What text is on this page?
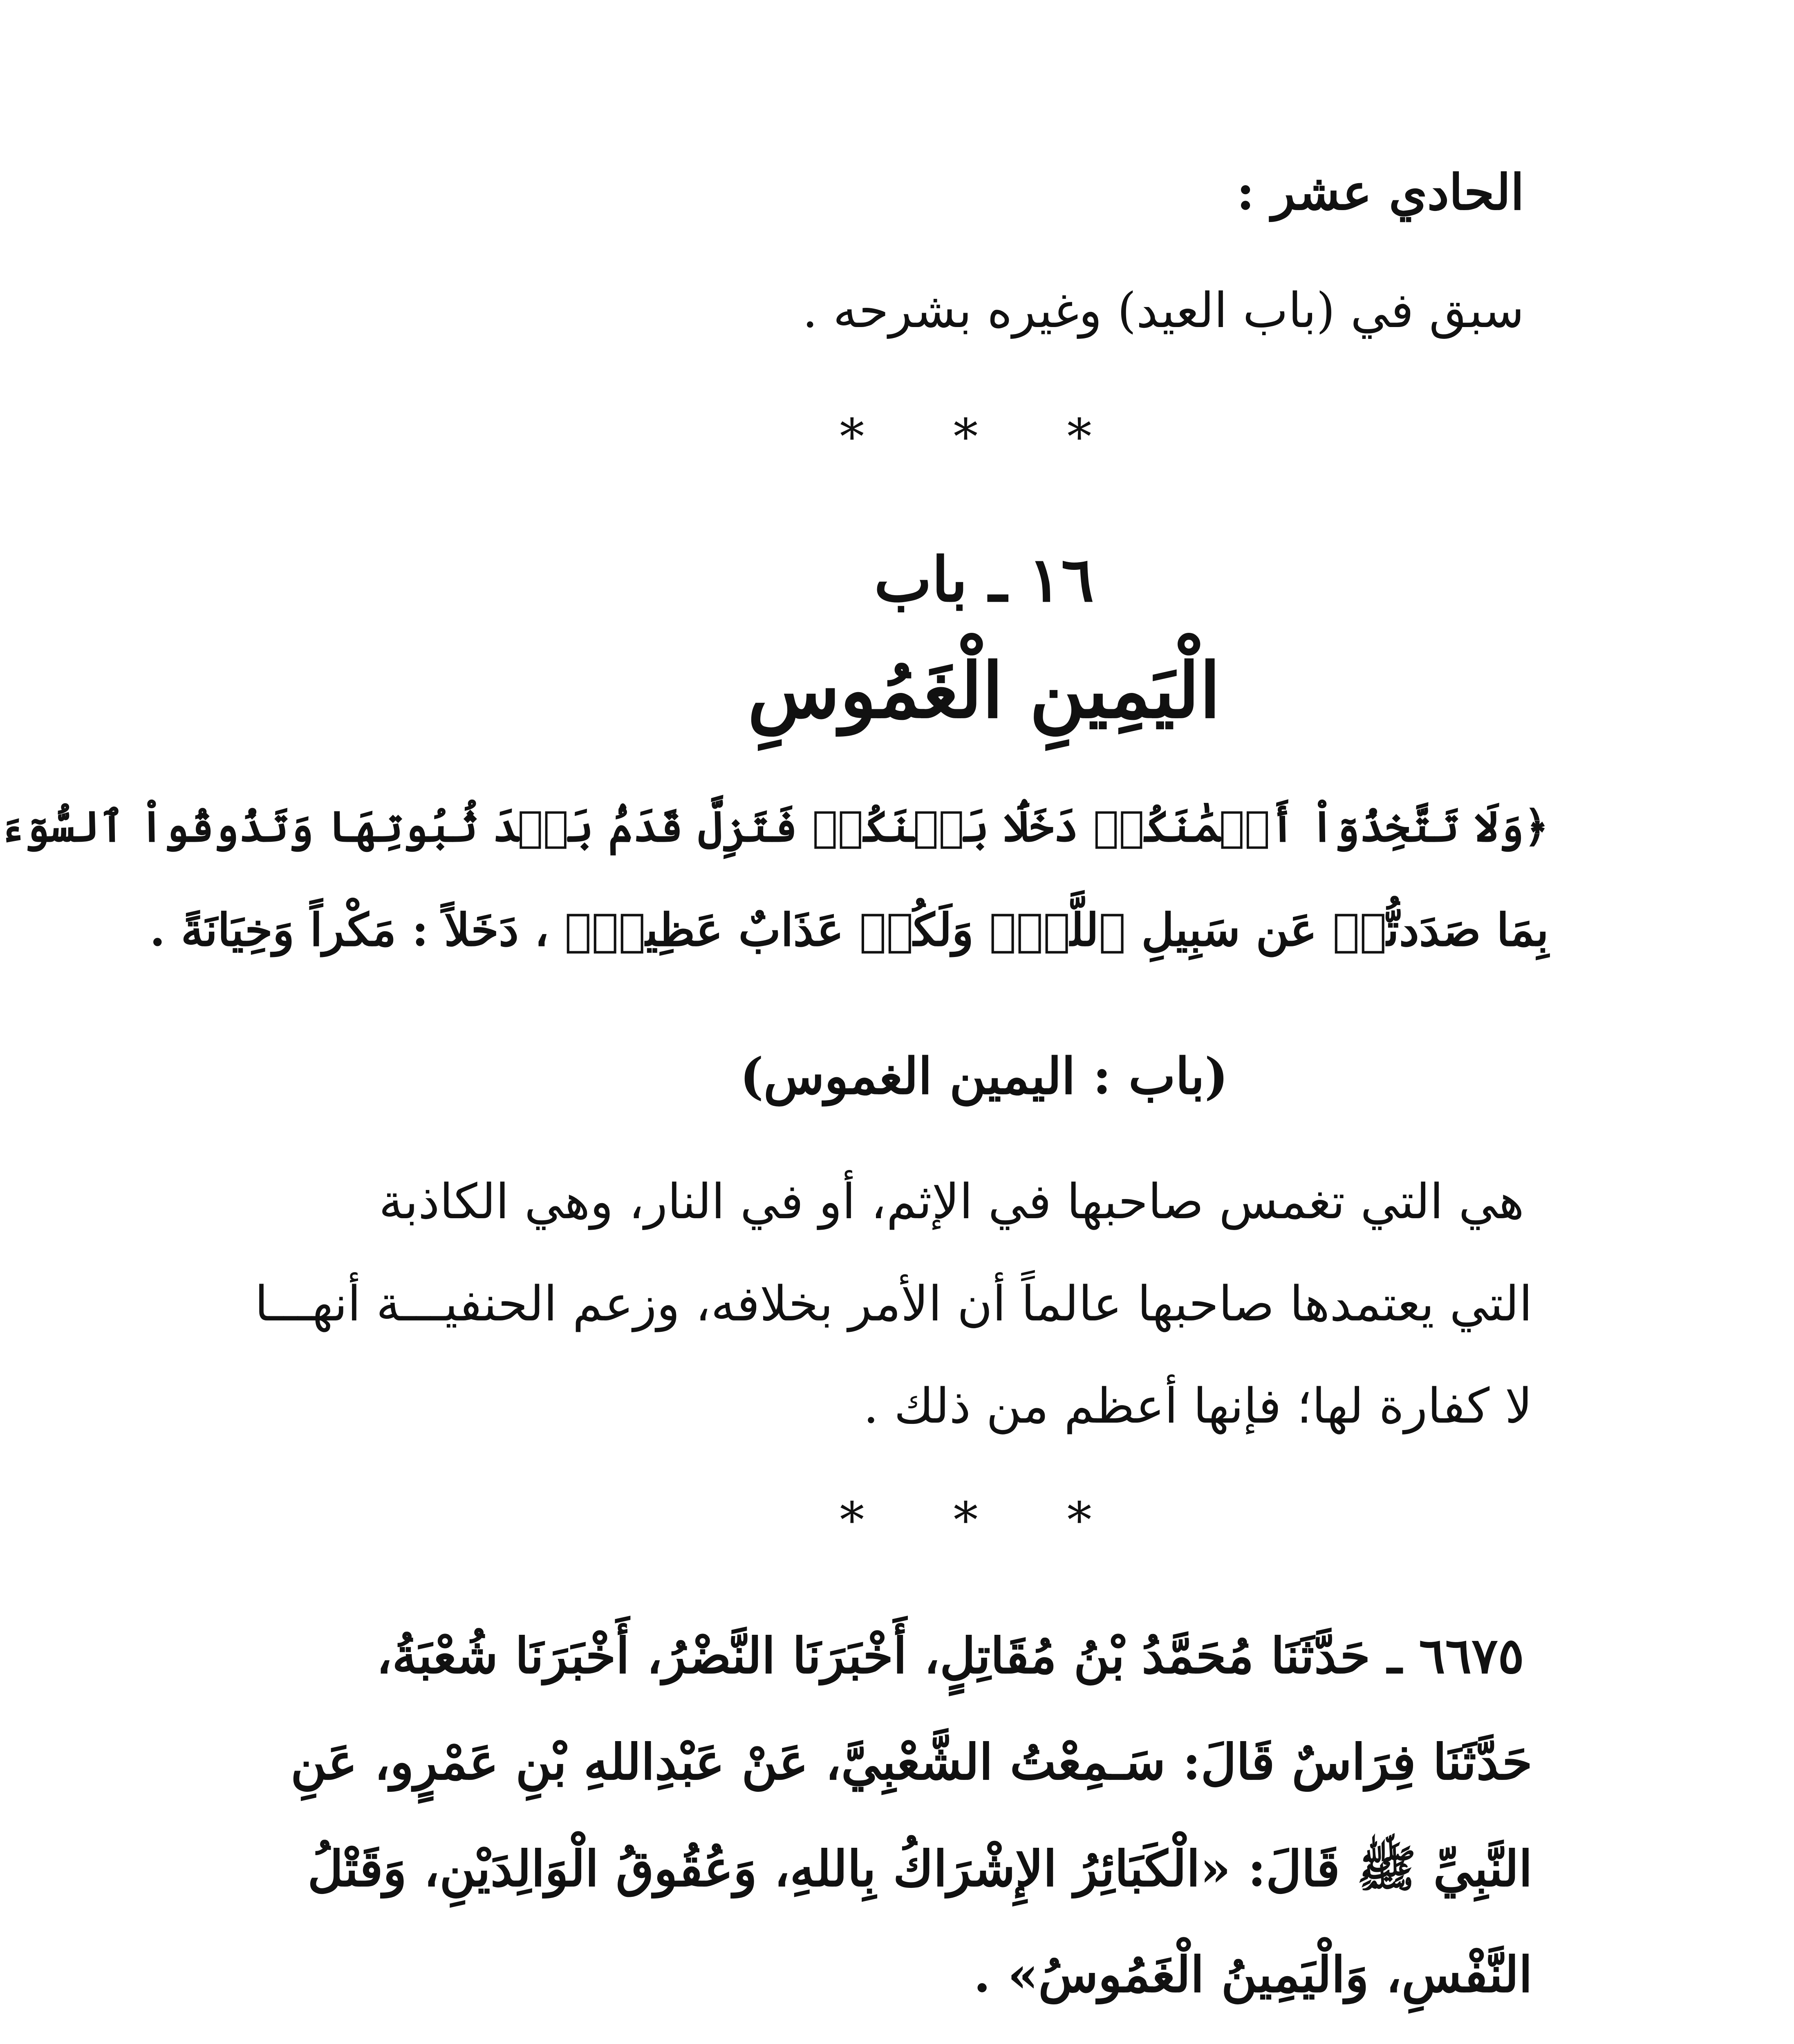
الحادي عشر :
سبق في (باب العيد) وغيره بشرحه .
* * *
١٦ ـ باب
الْيَمِينِ الْغَمُوسِ
﴿وَلَا تَتَّخِذُوٓاْ أَيۡمَٰنَكُمۡ دَخَلَۢا بَيۡنَكُمۡ فَتَزِلَّ قَدَمُۢ بَعۡدَ ثُبُوتِهَا وَتَذُوقُواْ ٱلسُّوٓءَ
بِمَا صَدَدتُّمۡ عَن سَبِيلِ ٱللَّهِۖ وَلَكُمۡ عَذَابٌ عَظِيمٞ﴾ ، دَخَلاً : مَكْراً وَخِيَانَةً .
(باب : اليمين الغموس)
هي التي تغمس صاحبها في الإثم، أو في النار، وهي الكاذبة
التي يعتمدها صاحبها عالماً أن الأمر بخلافه، وزعم الحنفيـــة أنهـــا
لا كفارة لها؛ فإنها أعظم من ذلك .
* * *
٦٦٧٥ ـ حَدَّثَنَا مُحَمَّدُ بْنُ مُقَاتِلٍ، أَخْبَرَنَا النَّضْرُ، أَخْبَرَنَا شُعْبَةُ،
حَدَّثَنَا فِرَاسٌ قَالَ: سَـمِعْتُ الشَّعْبِيَّ، عَنْ عَبْدِاللهِ بْنِ عَمْرٍو، عَنِ
النَّبِيِّ ﷺ قَالَ: «الْكَبَائِرُ الإِشْرَاكُ بِاللهِ، وَعُقُوقُ الْوَالِدَيْنِ، وَقَتْلُ
النَّفْسِ، وَالْيَمِينُ الْغَمُوسُ» .
